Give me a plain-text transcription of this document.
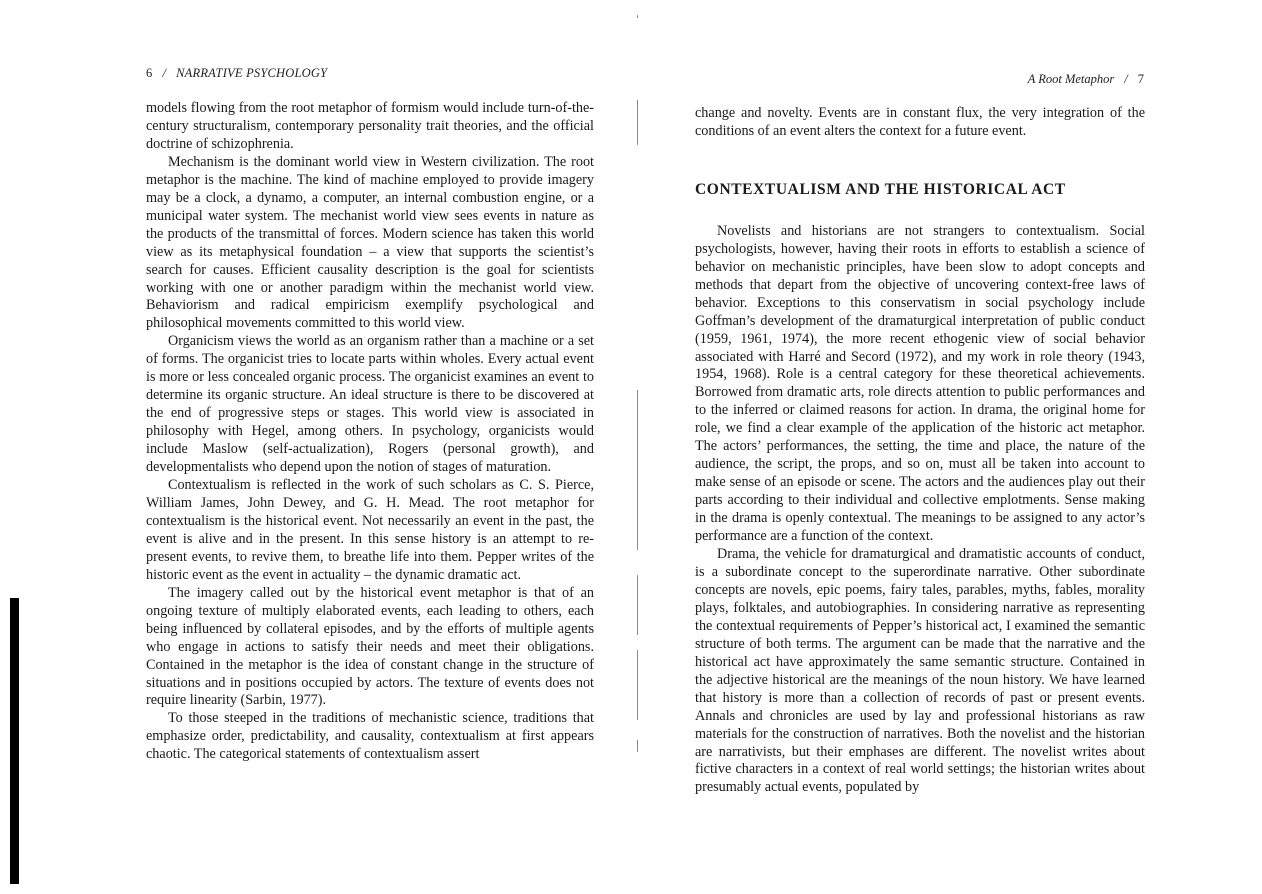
6 / NARRATIVE PSYCHOLOGY	A Root Metaphor / 7

models flowing from the root metaphor of formism would include turn-of-the-century structuralism, contemporary personality trait theories, and the official doctrine of schizophrenia.

Mechanism is the dominant world view in Western civilization. The root metaphor is the machine. The kind of machine employed to provide imagery may be a clock, a dynamo, a computer, an internal combustion engine, or a municipal water system. The mechanist world view sees events in nature as the products of the transmittal of forces. Modern science has taken this world view as its metaphysical foundation – a view that supports the scientist’s search for causes. Efficient causality description is the goal for scientists working with one or another paradigm within the mechanist world view. Behaviorism and radical empiricism exemplify psychological and philosophical movements committed to this world view.

Organicism views the world as an organism rather than a machine or a set of forms. The organicist tries to locate parts within wholes. Every actual event is more or less concealed organic process. The organicist examines an event to determine its organic structure. An ideal structure is there to be discovered at the end of progressive steps or stages. This world view is associated in philosophy with Hegel, among others. In psychology, organicists would include Maslow (self-actualization), Rogers (personal growth), and developmentalists who depend upon the notion of stages of maturation.

Contextualism is reflected in the work of such scholars as C. S. Pierce, William James, John Dewey, and G. H. Mead. The root metaphor for contextualism is the historical event. Not necessarily an event in the past, the event is alive and in the present. In this sense history is an attempt to re-present events, to revive them, to breathe life into them. Pepper writes of the historic event as the event in actuality – the dynamic dramatic act.

The imagery called out by the historical event metaphor is that of an ongoing texture of multiply elaborated events, each leading to others, each being influenced by collateral episodes, and by the efforts of multiple agents who engage in actions to satisfy their needs and meet their obligations. Contained in the metaphor is the idea of constant change in the structure of situations and in positions occupied by actors. The texture of events does not require linearity (Sarbin, 1977).

To those steeped in the traditions of mechanistic science, traditions that emphasize order, predictability, and causality, contextualism at first appears chaotic. The categorical statements of contextualism assert

change and novelty. Events are in constant flux, the very integration of the conditions of an event alters the context for a future event.

CONTEXTUALISM AND THE HISTORICAL ACT

Novelists and historians are not strangers to contextualism. Social psychologists, however, having their roots in efforts to establish a science of behavior on mechanistic principles, have been slow to adopt concepts and methods that depart from the objective of uncovering context-free laws of behavior. Exceptions to this conservatism in social psychology include Goffman’s development of the dramaturgical interpretation of public conduct (1959, 1961, 1974), the more recent ethogenic view of social behavior associated with Harré and Secord (1972), and my work in role theory (1943, 1954, 1968). Role is a central category for these theoretical achievements. Borrowed from dramatic arts, role directs attention to public performances and to the inferred or claimed reasons for action. In drama, the original home for role, we find a clear example of the application of the historic act metaphor. The actors’ performances, the setting, the time and place, the nature of the audience, the script, the props, and so on, must all be taken into account to make sense of an episode or scene. The actors and the audiences play out their parts according to their individual and collective emplotments. Sense making in the drama is openly contextual. The meanings to be assigned to any actor’s performance are a function of the context.

Drama, the vehicle for dramaturgical and dramatistic accounts of conduct, is a subordinate concept to the superordinate narrative. Other subordinate concepts are novels, epic poems, fairy tales, parables, myths, fables, morality plays, folktales, and autobiographies. In considering narrative as representing the contextual requirements of Pepper’s historical act, I examined the semantic structure of both terms. The argument can be made that the narrative and the historical act have approximately the same semantic structure. Contained in the adjective historical are the meanings of the noun history. We have learned that history is more than a collection of records of past or present events. Annals and chronicles are used by lay and professional historians as raw materials for the construction of narratives. Both the novelist and the historian are narrativists, but their emphases are different. The novelist writes about fictive characters in a context of real world settings; the historian writes about presumably actual events, populated by
